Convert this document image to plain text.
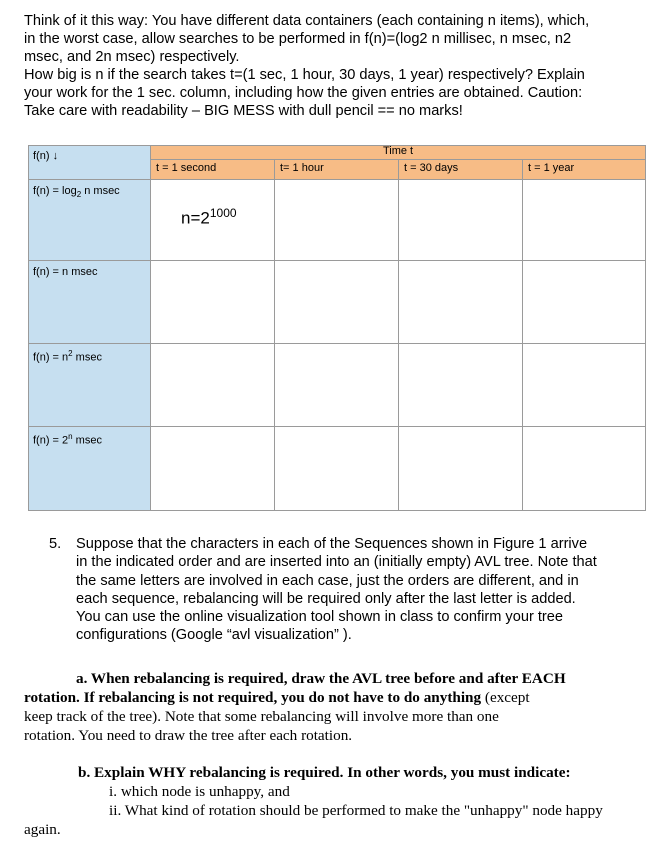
Think of it this way: You have different data containers (each containing n items), which,

in the worst case, allow searches to be performed in f(n)=(log2 n millisec, n msec, n2

msec, and 2n msec) respectively.

How big is n if the search takes t=(1 sec, 1 hour, 30 days, 1 year) respectively? Explain

your work for the 1 sec. column, including how the given entries are obtained. Caution:

Take care with readability – BIG MESS with dull pencil == no marks!

f(n) ↓	Time t			
	t = 1 second	t= 1 hour	t = 30 days	t = 1 year
$f(n) = \log_2 n$ msec	$n=2^{1000}$

f(n) = n msec				
$f(n) = n^2$ msec				
$f(n) = 2^n$ msec				
5. Suppose that the characters in each of the Sequences shown in Figure 1 arrive
in the indicated order and are inserted into an (initially empty) AVL tree. Note that
the same letters are involved in each case, just the orders are different, and in
each sequence, rebalancing will be required only after the last letter is added.
You can use the online visualization tool shown in class to confirm your tree
configurations (Google “avl visualization” ).
a. When rebalancing is required, draw the AVL tree before and after EACH
rotation. If rebalancing is not required, you do not have to do anything (except
keep track of the tree). Note that some rebalancing will involve more than one
rotation. You need to draw the tree after each rotation.
b. Explain WHY rebalancing is required. In other words, you must indicate:
i. which node is unhappy, and
ii. What kind of rotation should be performed to make the "unhappy" node happy
again.
